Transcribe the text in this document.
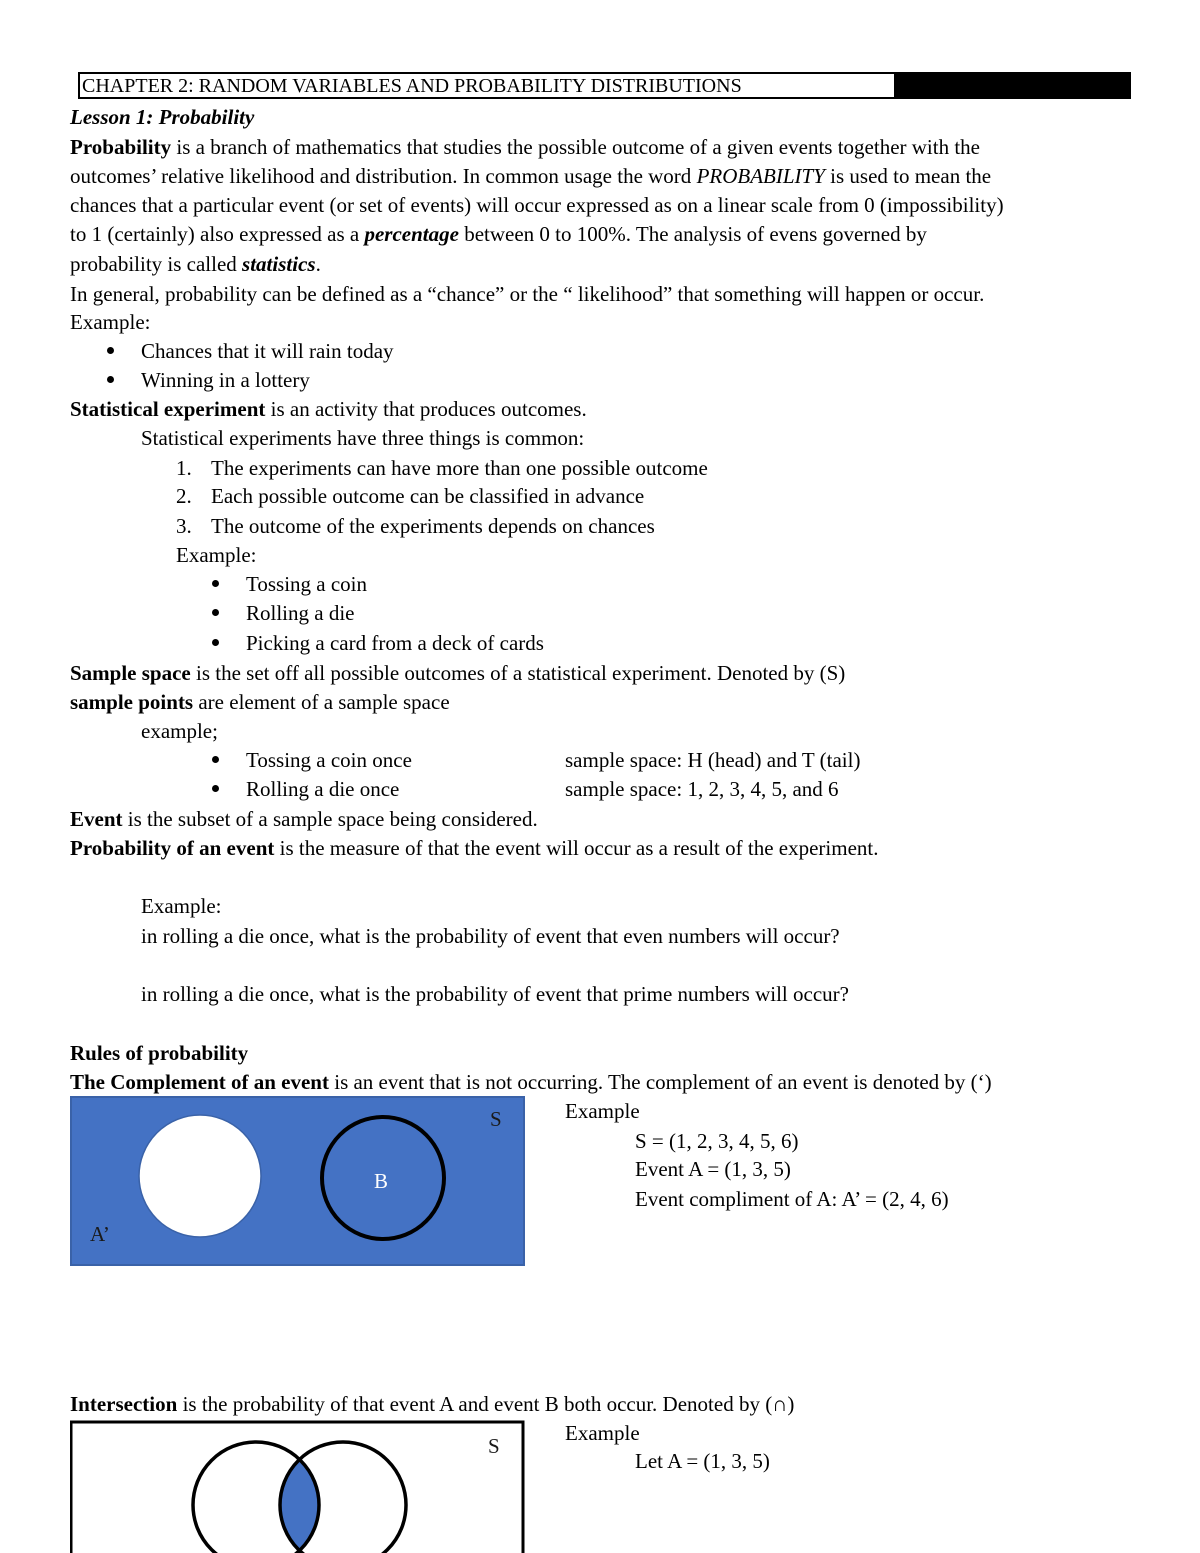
CHAPTER 2: RANDOM VARIABLES AND PROBABILITY DISTRIBUTIONS
Lesson 1: Probability
Probability is a branch of mathematics that studies the possible outcome of a given events together with the
outcomes’ relative likelihood and distribution. In common usage the word PROBABILITY is used to mean the
chances that a particular event (or set of events) will occur expressed as on a linear scale from 0 (impossibility)
to 1 (certainly) also expressed as a percentage between 0 to 100%. The analysis of evens governed by
probability is called statistics.
In general, probability can be defined as a “chance” or the “ likelihood” that something will happen or occur.
Example:
Chances that it will rain today
Winning in a lottery
Statistical experiment is an activity that produces outcomes.
Statistical experiments have three things is common:
1. The experiments can have more than one possible outcome
2. Each possible outcome can be classified in advance
3. The outcome of the experiments depends on chances
Example:
Tossing a coin
Rolling a die
Picking a card from a deck of cards
Sample space is the set off all possible outcomes of a statistical experiment. Denoted by (S)
sample points are element of a sample space
example;
Tossing a coin once	sample space: H (head) and T (tail)
Rolling a die once	sample space: 1, 2, 3, 4, 5, and 6
Event is the subset of a sample space being considered.
Probability of an event is the measure of that the event will occur as a result of the experiment.
Example:
in rolling a die once, what is the probability of event that even numbers will occur?
in rolling a die once, what is the probability of event that prime numbers will occur?
Rules of probability
The Complement of an event is an event that is not occurring. The complement of an event is denoted by (‘)
S
B
A’
Example
S = (1, 2, 3, 4, 5, 6)
Event A = (1, 3, 5)
Event compliment of A: A’ = (2, 4, 6)
Intersection is the probability of that event A and event B both occur. Denoted by (∩)
S
Example
Let A = (1, 3, 5)
